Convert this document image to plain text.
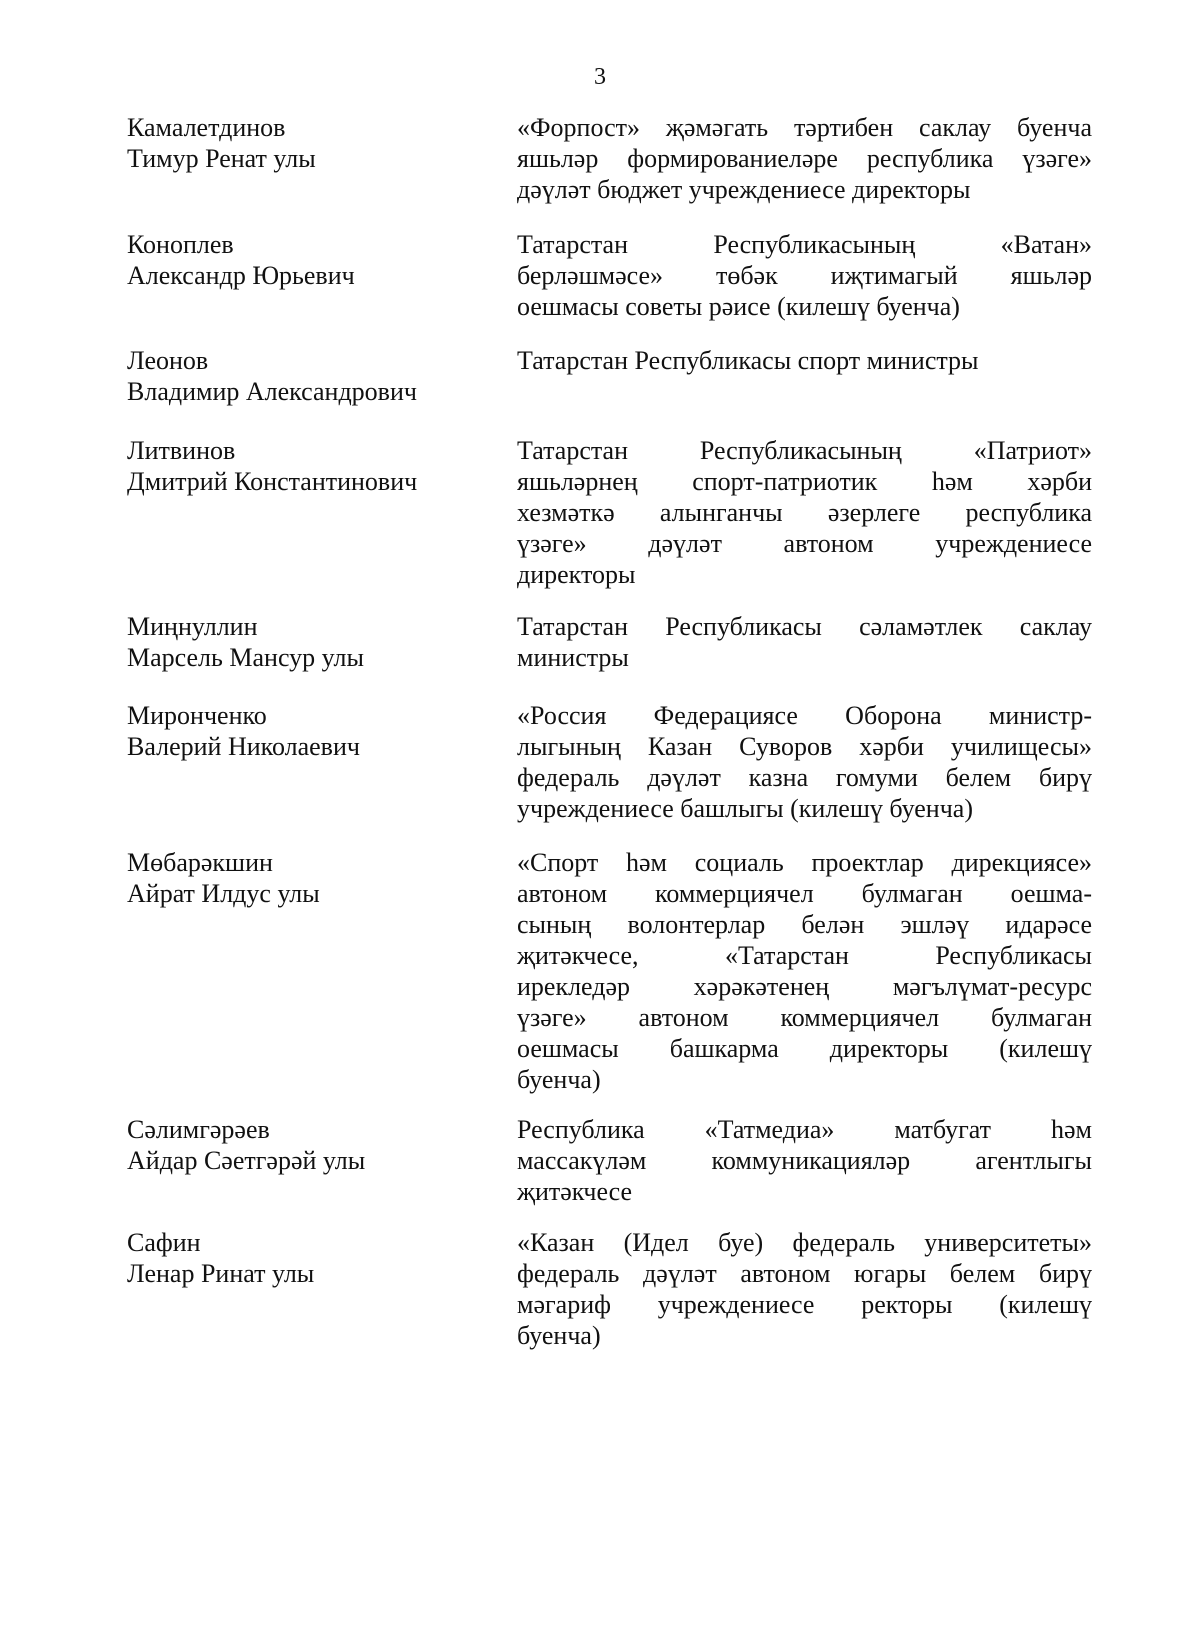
3
Камалетдинов
Тимур Ренат улы
«Форпост» җәмәгать тәртибен саклау буенча
яшьләр формированиеләре республика үзәге»
дәүләт бюджет учреждениесе директоры
Коноплев
Александр Юрьевич
Татарстан Республикасының «Ватан»
берләшмәсе» төбәк иҗтимагый яшьләр
оешмасы советы рәисе (килешү буенча)
Леонов
Владимир Александрович
Татарстан Республикасы спорт министры
Литвинов
Дмитрий Константинович
Татарстан Республикасының «Патриот»
яшьләрнең спорт-патриотик һәм хәрби
хезмәткә алынганчы әзерлеге республика
үзәге» дәүләт автоном учреждениесе
директоры
Миңнуллин
Марсель Мансур улы
Татарстан Республикасы сәламәтлек саклау
министры
Миронченко
Валерий Николаевич
«Россия Федерациясе Оборона министр-
лыгының Казан Суворов хәрби училищесы»
федераль дәүләт казна гомуми белем бирү
учреждениесе башлыгы (килешү буенча)
Мөбарәкшин
Айрат Илдус улы
«Спорт һәм социаль проектлар дирекциясе»
автоном коммерциячел булмаган оешма-
сының волонтерлар белән эшләү идарәсе
җитәкчесе, «Татарстан Республикасы
ирекледәр хәрәкәтенең мәгълүмат-ресурс
үзәге» автоном коммерциячел булмаган
оешмасы башкарма директоры (килешү
буенча)
Сәлимгәрәев
Айдар Сәетгәрәй улы
Республика «Татмедиа» матбугат һәм
массакүләм коммуникацияләр агентлыгы
җитәкчесе
Сафин
Ленар Ринат улы
«Казан (Идел буе) федераль университеты»
федераль дәүләт автоном югары белем бирү
мәгариф учреждениесе ректоры (килешү
буенча)
